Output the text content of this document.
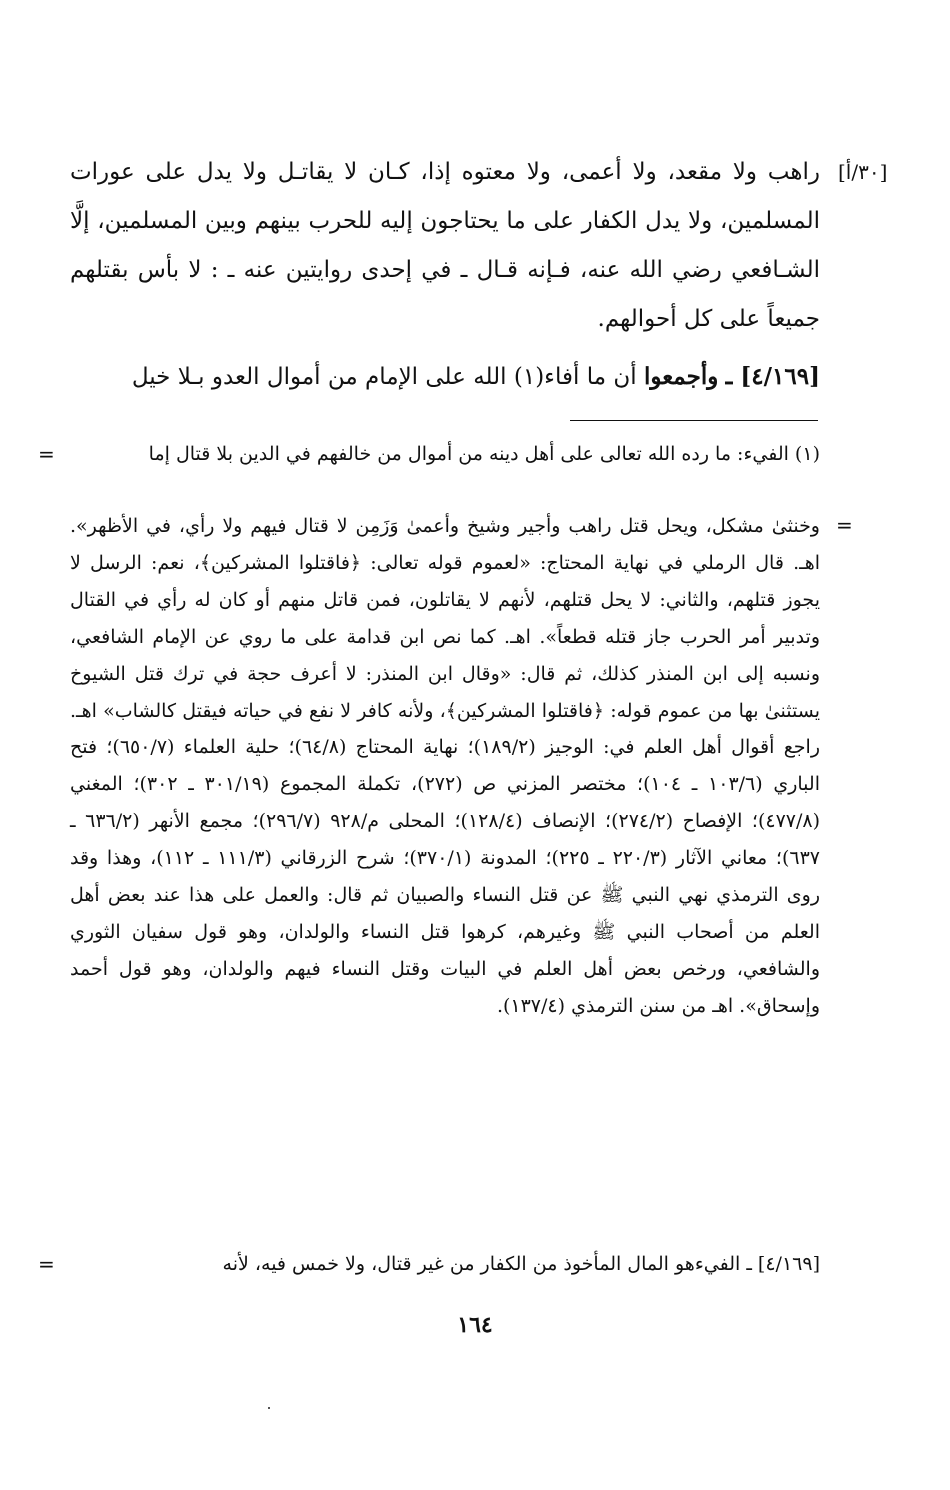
[٣٠/أ]

راهب ولا مقعد، ولا أعمى، ولا معتوه إذا، كـان لا يقاتـل ولا يدل على عورات المسلمين، ولا يدل الكفار على ما يحتاجون إليه للحرب بينهم وبين المسلمين، إلَّا الشـافعي رضي الله عنه، فـإنه قـال ـ في إحدى روايتين عنه ـ : لا بأس بقتلهم جميعاً على كل أحوالهم.

[٤/١٦٩] ـ وأجمعوا أن ما أفاء(١) الله على الإمام من أموال العدو بـلا خيل

(١) الفيء: ما رده الله تعالى على أهل دينه من أموال من خالفهم في الدين بلا قتال إما
=
=
وخنثىٰ مشكل، ويحل قتل راهب وأجير وشيخ وأعمىٰ وَزَمِن لا قتال فيهم ولا رأي، في الأظهر». اهـ. قال الرملي في نهاية المحتاج: «لعموم قوله تعالى: ﴿فاقتلوا المشركين﴾، نعم: الرسل لا يجوز قتلهم، والثاني: لا يحل قتلهم، لأنهم لا يقاتلون، فمن قاتل منهم أو كان له رأي في القتال وتدبير أمر الحرب جاز قتله قطعاً». اهـ. كما نص ابن قدامة على ما روي عن الإمام الشافعي، ونسبه إلى ابن المنذر كذلك، ثم قال: «وقال ابن المنذر: لا أعرف حجة في ترك قتل الشيوخ يستثنىٰ بها من عموم قوله: ﴿فاقتلوا المشركين﴾، ولأنه كافر لا نفع في حياته فيقتل كالشاب» اهـ. راجع أقوال أهل العلم في: الوجيز (١٨٩/٢)؛ نهاية المحتاج (٦٤/٨)؛ حلية العلماء (٦٥٠/٧)؛ فتح الباري (١٠٣/٦ ـ ١٠٤)؛ مختصر المزني ص (٢٧٢)، تكملة المجموع (٣٠١/١٩ ـ ٣٠٢)؛ المغني (٤٧٧/٨)؛ الإفصاح (٢٧٤/٢)؛ الإنصاف (١٢٨/٤)؛ المحلى م/٩٢٨ (٢٩٦/٧)؛ مجمع الأنهر (٦٣٦/٢ ـ ٦٣٧)؛ معاني الآثار (٢٢٠/٣ ـ ٢٢٥)؛ المدونة (٣٧٠/١)؛ شرح الزرقاني (١١١/٣ ـ ١١٢)، وهذا وقد روى الترمذي نهي النبي ﷺ عن قتل النساء والصبيان ثم قال: والعمل على هذا عند بعض أهل العلم من أصحاب النبي ﷺ وغيرهم، كرهوا قتل النساء والولدان، وهو قول سفيان الثوري والشافعي، ورخص بعض أهل العلم في البيات وقتل النساء فيهم والولدان، وهو قول أحمد وإسحاق». اهـ من سنن الترمذي (١٣٧/٤).
[٤/١٦٩] ـ الفيءهو المال المأخوذ من الكفار من غير قتال، ولا خمس فيه، لأنه
=
١٦٤
